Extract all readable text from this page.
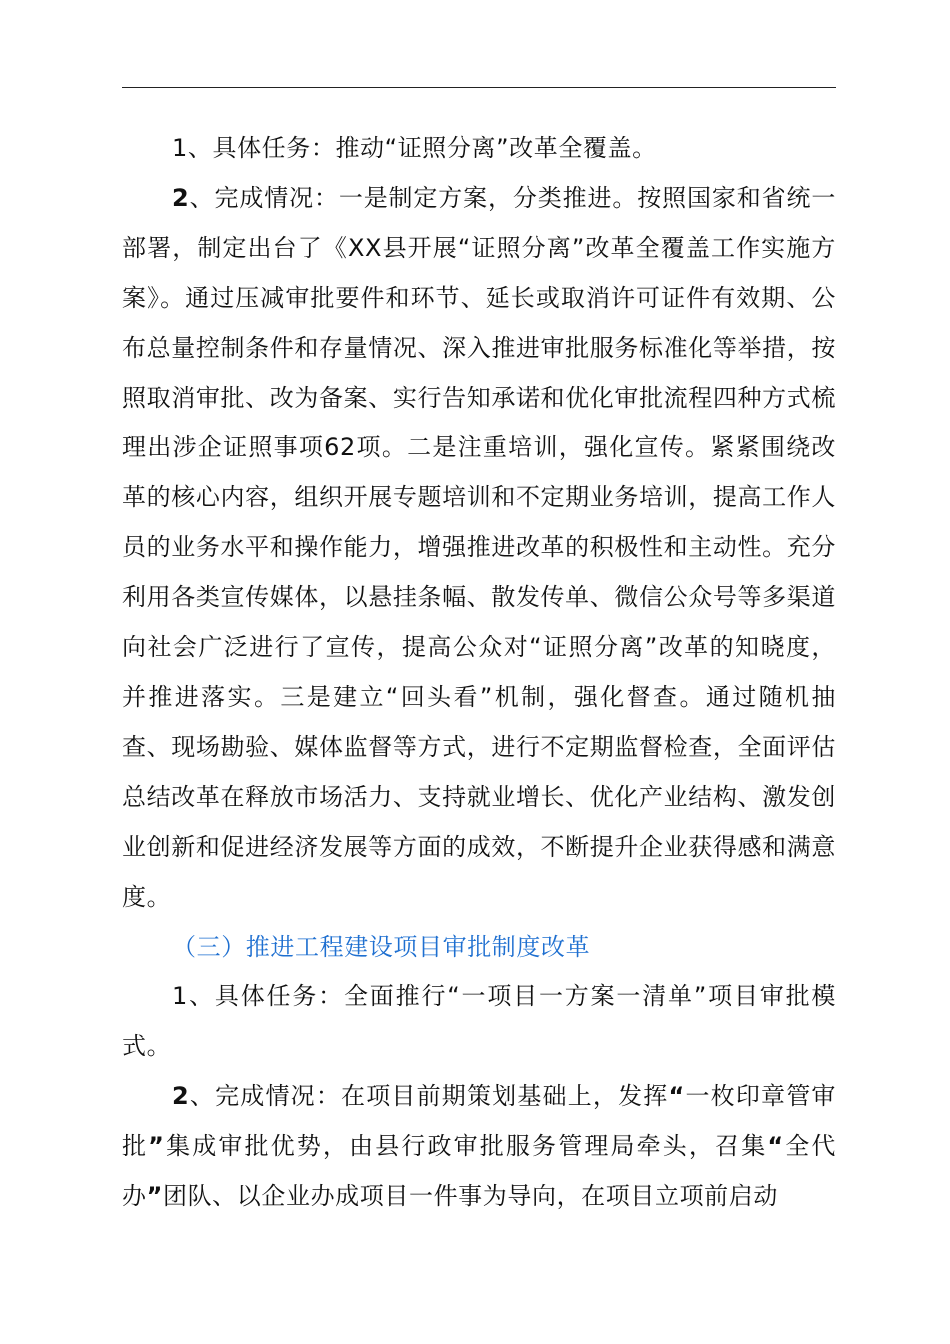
1、具体任务：推动“证照分离”改革全覆盖。

2、完成情况：一是制定方案，分类推进。按照国家和省统一部署，制定出台了《XX县开展“证照分离”改革全覆盖工作实施方案》。通过压减审批要件和环节、延长或取消许可证件有效期、公布总量控制条件和存量情况、深入推进审批服务标准化等举措，按照取消审批、改为备案、实行告知承诺和优化审批流程四种方式梳理出涉企证照事项62项。二是注重培训，强化宣传。紧紧围绕改革的核心内容，组织开展专题培训和不定期业务培训，提高工作人员的业务水平和操作能力，增强推进改革的积极性和主动性。充分利用各类宣传媒体，以悬挂条幅、散发传单、微信公众号等多渠道向社会广泛进行了宣传，提高公众对“证照分离”改革的知晓度，并推进落实。三是建立“回头看”机制，强化督查。通过随机抽查、现场勘验、媒体监督等方式，进行不定期监督检查，全面评估总结改革在释放市场活力、支持就业增长、优化产业结构、激发创业创新和促进经济发展等方面的成效，不断提升企业获得感和满意度。

（三）推进工程建设项目审批制度改革

1、具体任务：全面推行“一项目一方案一清单”项目审批模式。

2、完成情况：在项目前期策划基础上，发挥“一枚印章管审批”集成审批优势，由县行政审批服务管理局牵头，召集“全代办”团队、以企业办成项目一件事为导向，在项目立项前启动
